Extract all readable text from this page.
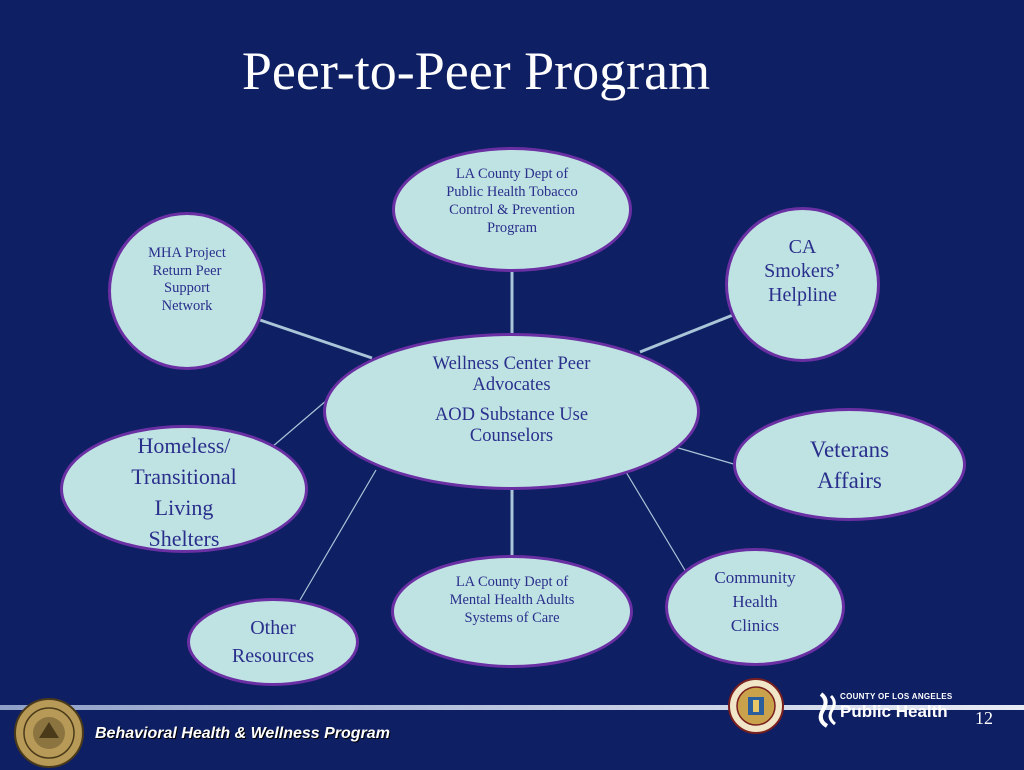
Peer-to-Peer Program
LA County Dept of
Public Health Tobacco
Control & Prevention
Program
MHA Project
Return Peer
Support
Network
CA
Smokers’
Helpline
Wellness Center Peer
Advocates
AOD Substance Use
Counselors
Homeless/
Transitional
Living
Shelters
Veterans
Affairs
LA County Dept of
Mental Health Adults
Systems of Care
Community
Health
Clinics
Other
Resources
Behavioral Health & Wellness Program
COUNTY OF LOS ANGELES
Public Health 12
